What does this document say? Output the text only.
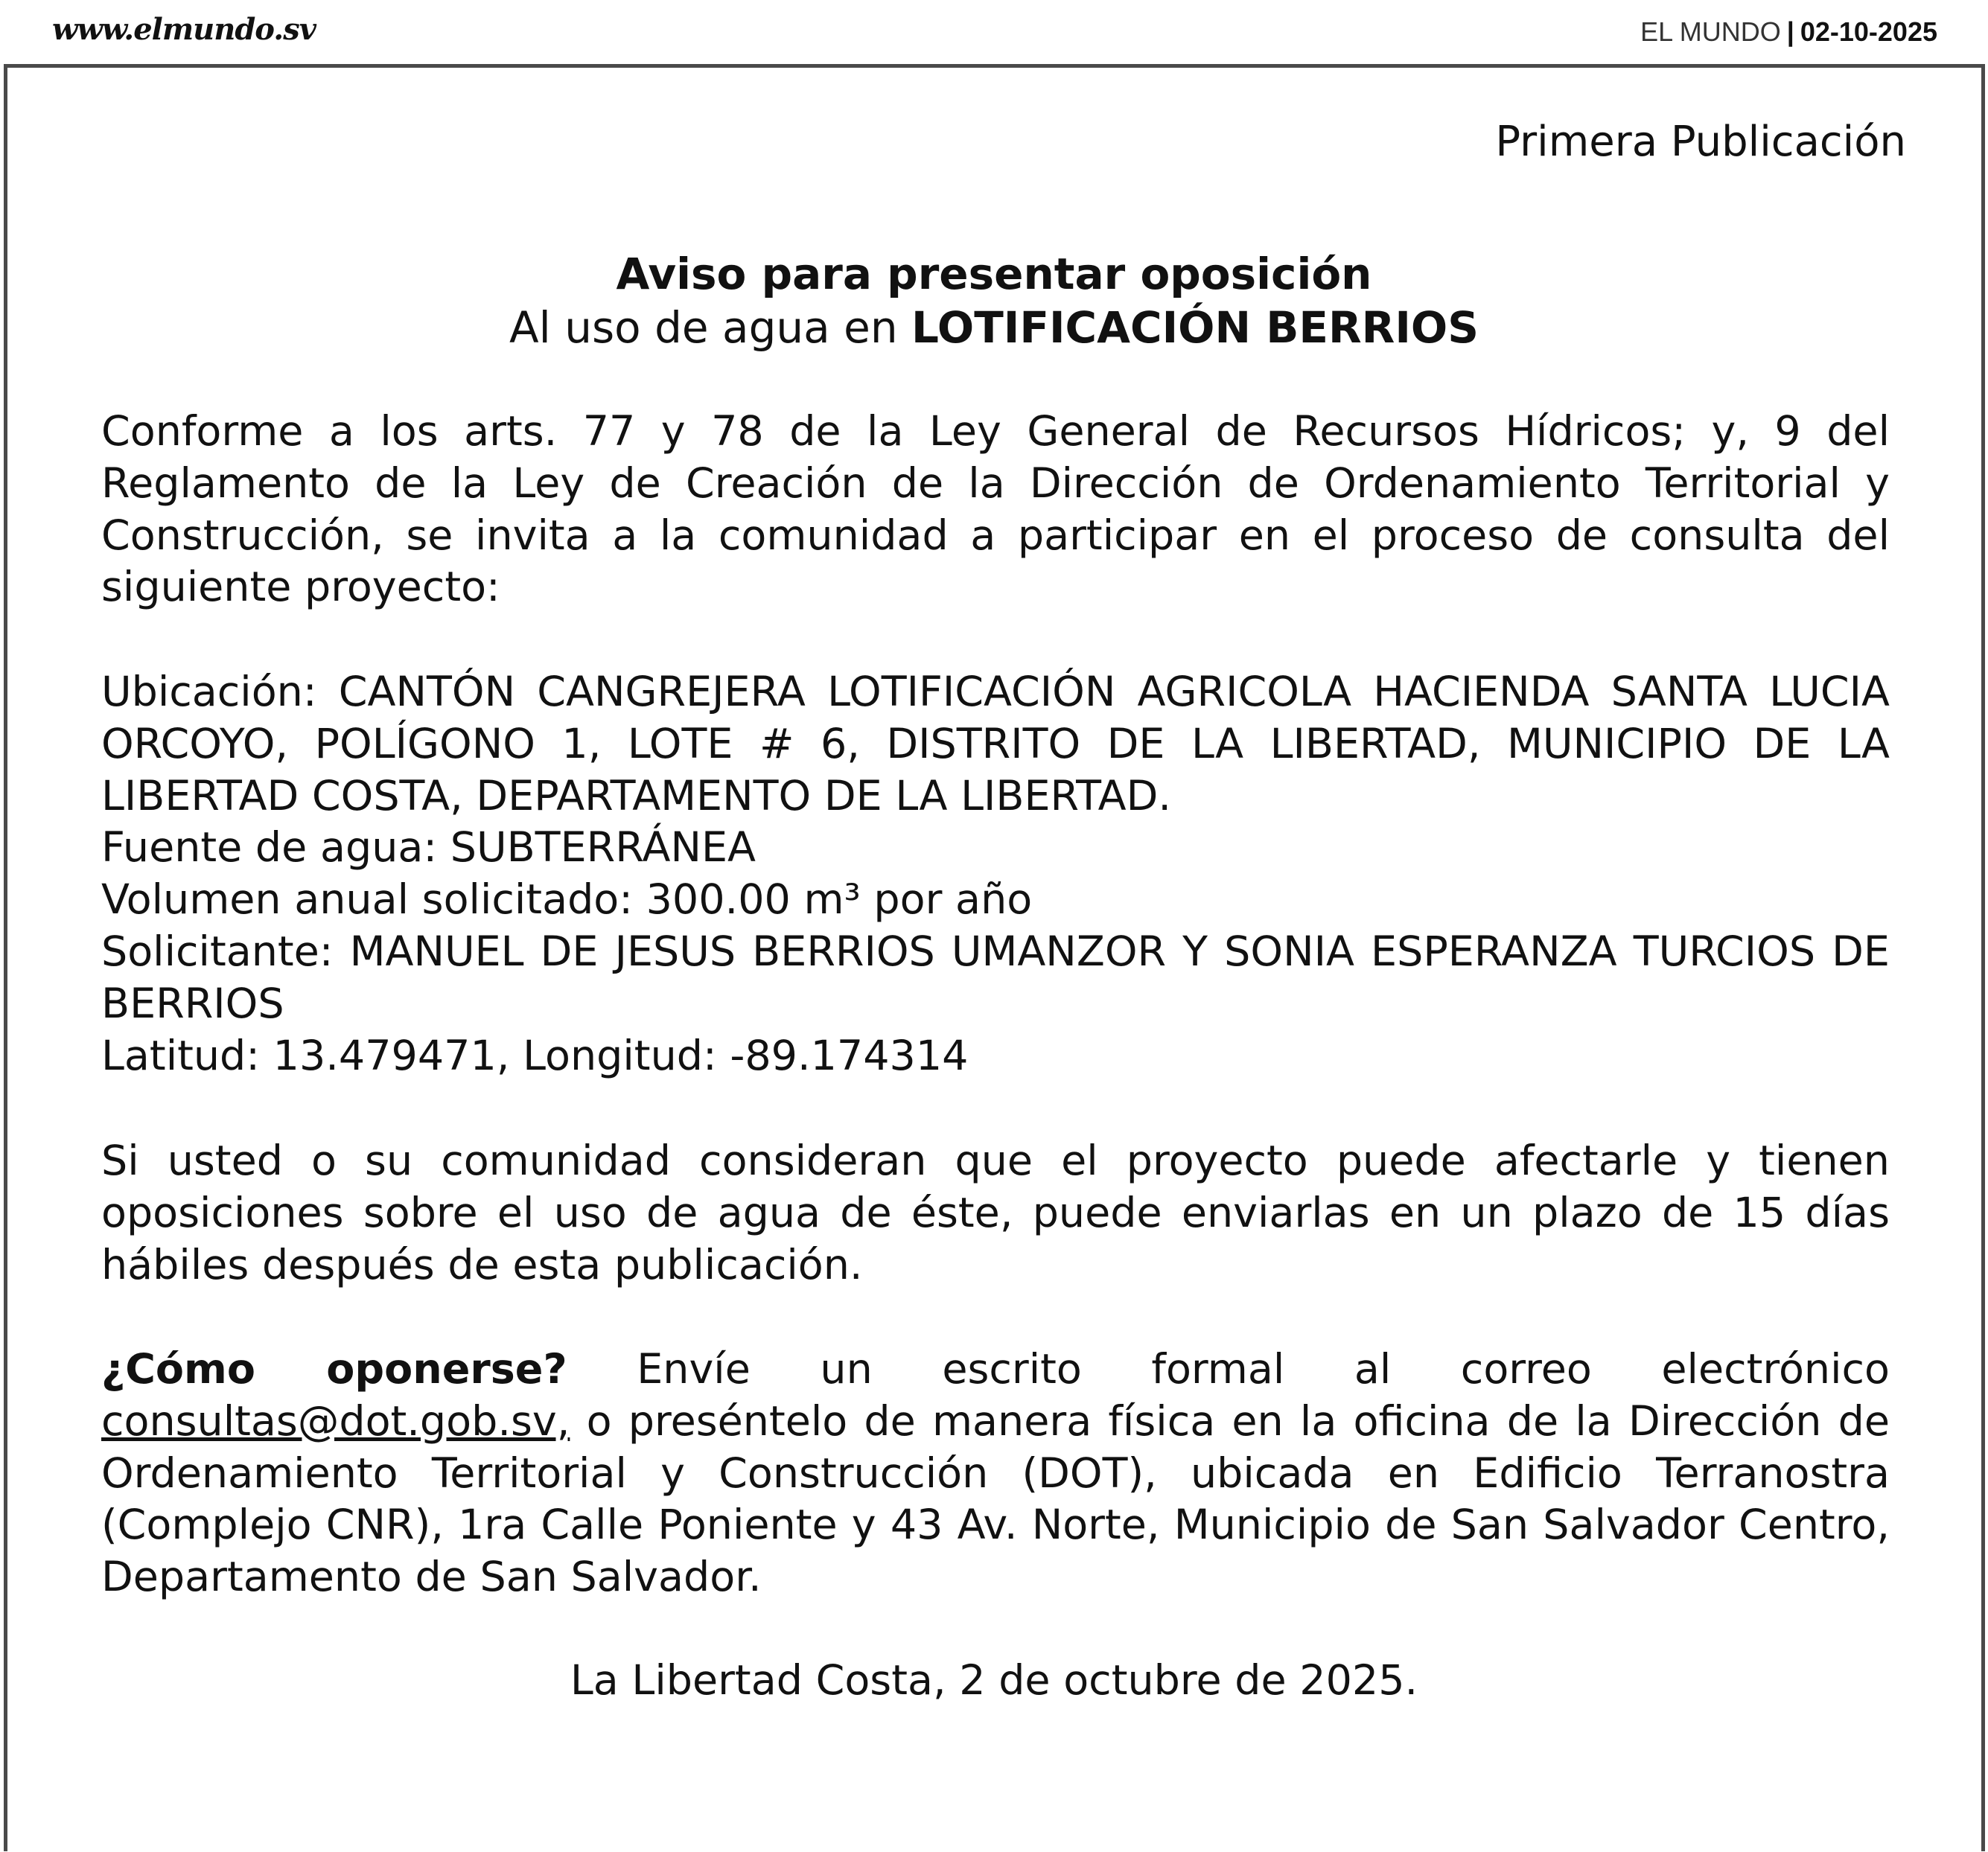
www.elmundo.sv	EL MUNDO | 02-10-2025
Primera Publicación
Aviso para presentar oposición
Al uso de agua en LOTIFICACIÓN BERRIOS

Conforme a los arts. 77 y 78 de la Ley General de Recursos Hídricos; y, 9 del Reglamento de la Ley de Creación de la Dirección de Ordenamiento Territorial y Construcción, se invita a la comunidad a participar en el proceso de consulta del siguiente proyecto:

Ubicación: CANTÓN CANGREJERA LOTIFICACIÓN AGRICOLA HACIENDA SANTA LUCIA ORCOYO, POLÍGONO 1, LOTE # 6, DISTRITO DE LA LIBERTAD, MUNICIPIO DE LA LIBERTAD COSTA, DEPARTAMENTO DE LA LIBERTAD.

Fuente de agua: SUBTERRÁNEA

Volumen anual solicitado: 300.00 m³ por año

Solicitante: MANUEL DE JESUS BERRIOS UMANZOR Y SONIA ESPERANZA TURCIOS DE BERRIOS

Latitud: 13.479471, Longitud: -89.174314

Si usted o su comunidad consideran que el proyecto puede afectarle y tienen oposiciones sobre el uso de agua de éste, puede enviarlas en un plazo de 15 días hábiles después de esta publicación.

¿Cómo oponerse? Envíe un escrito formal al correo electrónico consultas@dot.gob.sv, o preséntelo de manera física en la oficina de la Dirección de Ordenamiento Territorial y Construcción (DOT), ubicada en Edificio Terranostra (Complejo CNR), 1ra Calle Poniente y 43 Av. Norte, Municipio de San Salvador Centro, Departamento de San Salvador.

La Libertad Costa, 2 de octubre de 2025.
